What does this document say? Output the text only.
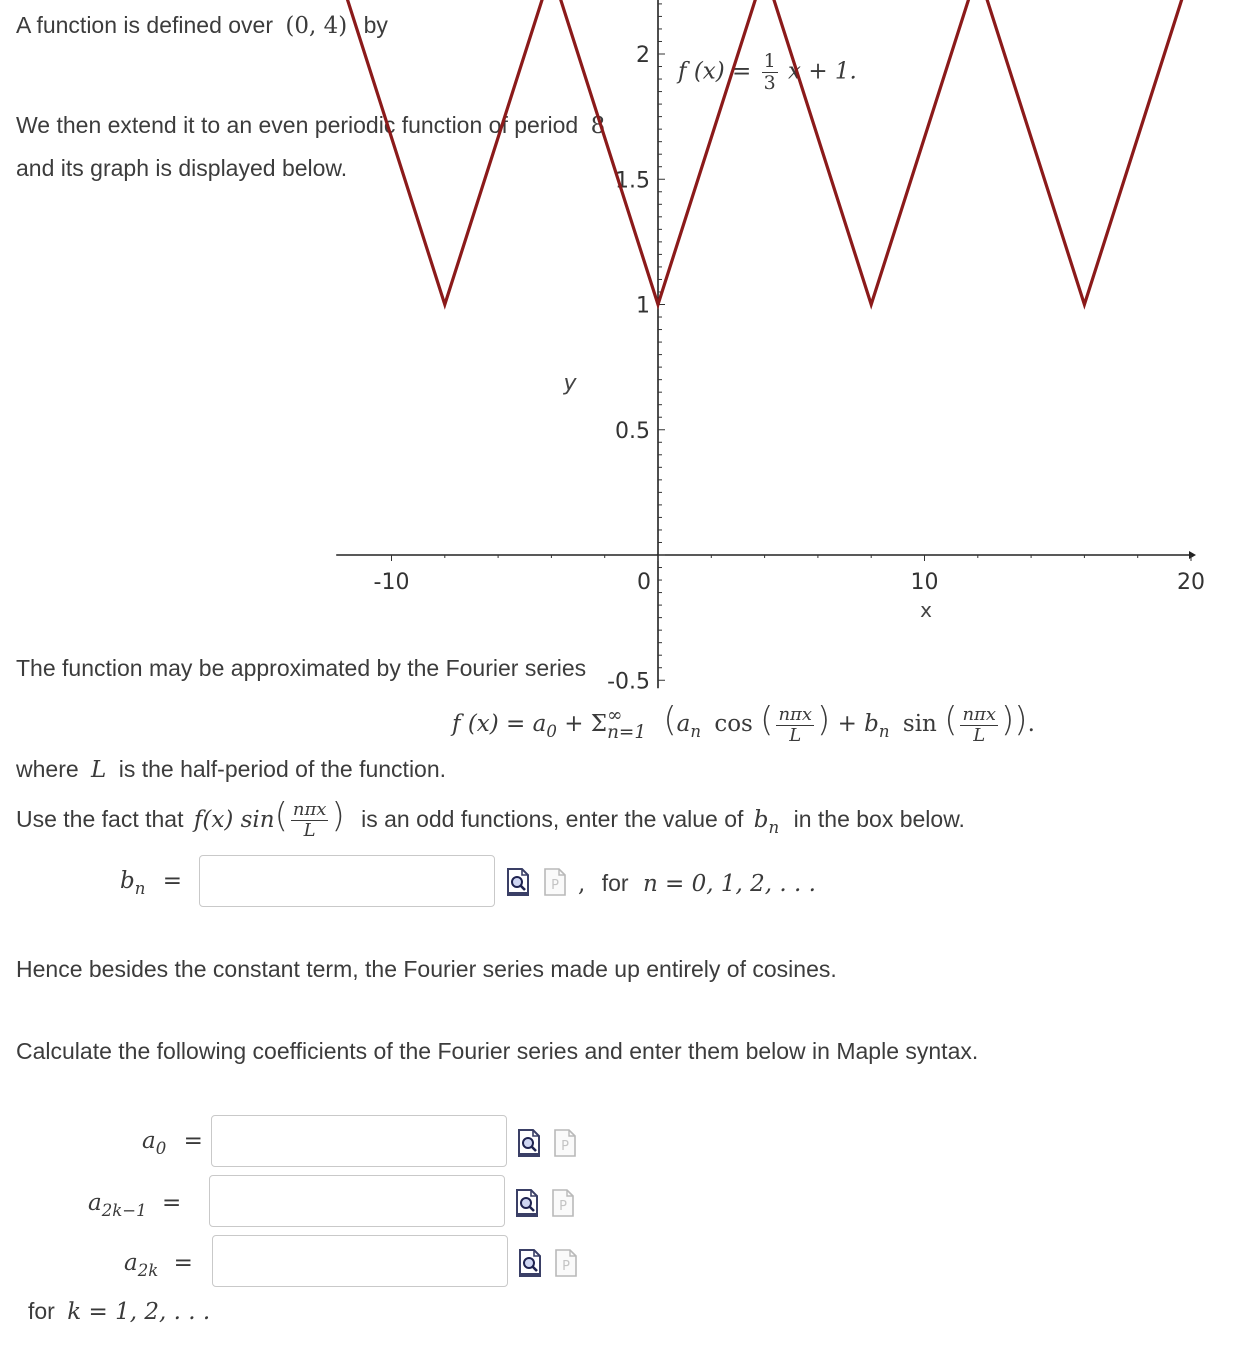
A function is defined over (0, 4) by
f $(x) = \frac{1}{3}$ x + 1.
We then extend it to an even periodic function of period 8
and its graph is displayed below.
-10	0	10	20
2
1.5
1
0.5
-0.5
x
y
The function may be approximated by the Fourier series
f $(x) = a_0 + \Sigma$ ∞
n=1 ($a_n$ cos ( $\frac{\text{nπx}}{L}$ ) + $b_n$ sin ( $\frac{\text{nπx}}{L}$ )).
where L is the half-period of the function.
Use the fact that f(x) $\sin( \frac{\text{nπx}}{L}$ ) is an odd functions, enter the value of $b_n$ in the box below.
$b_n$ =	P , for n = 0, 1, 2, . . .
Hence besides the constant term, the Fourier series made up entirely of cosines.
Calculate the following coefficients of the Fourier series and enter them below in Maple syntax.
$a_0$ =	P
$a_{2k-1}$ =	P
$a_{2k}$ =	P
for k = 1, 2, . . .
